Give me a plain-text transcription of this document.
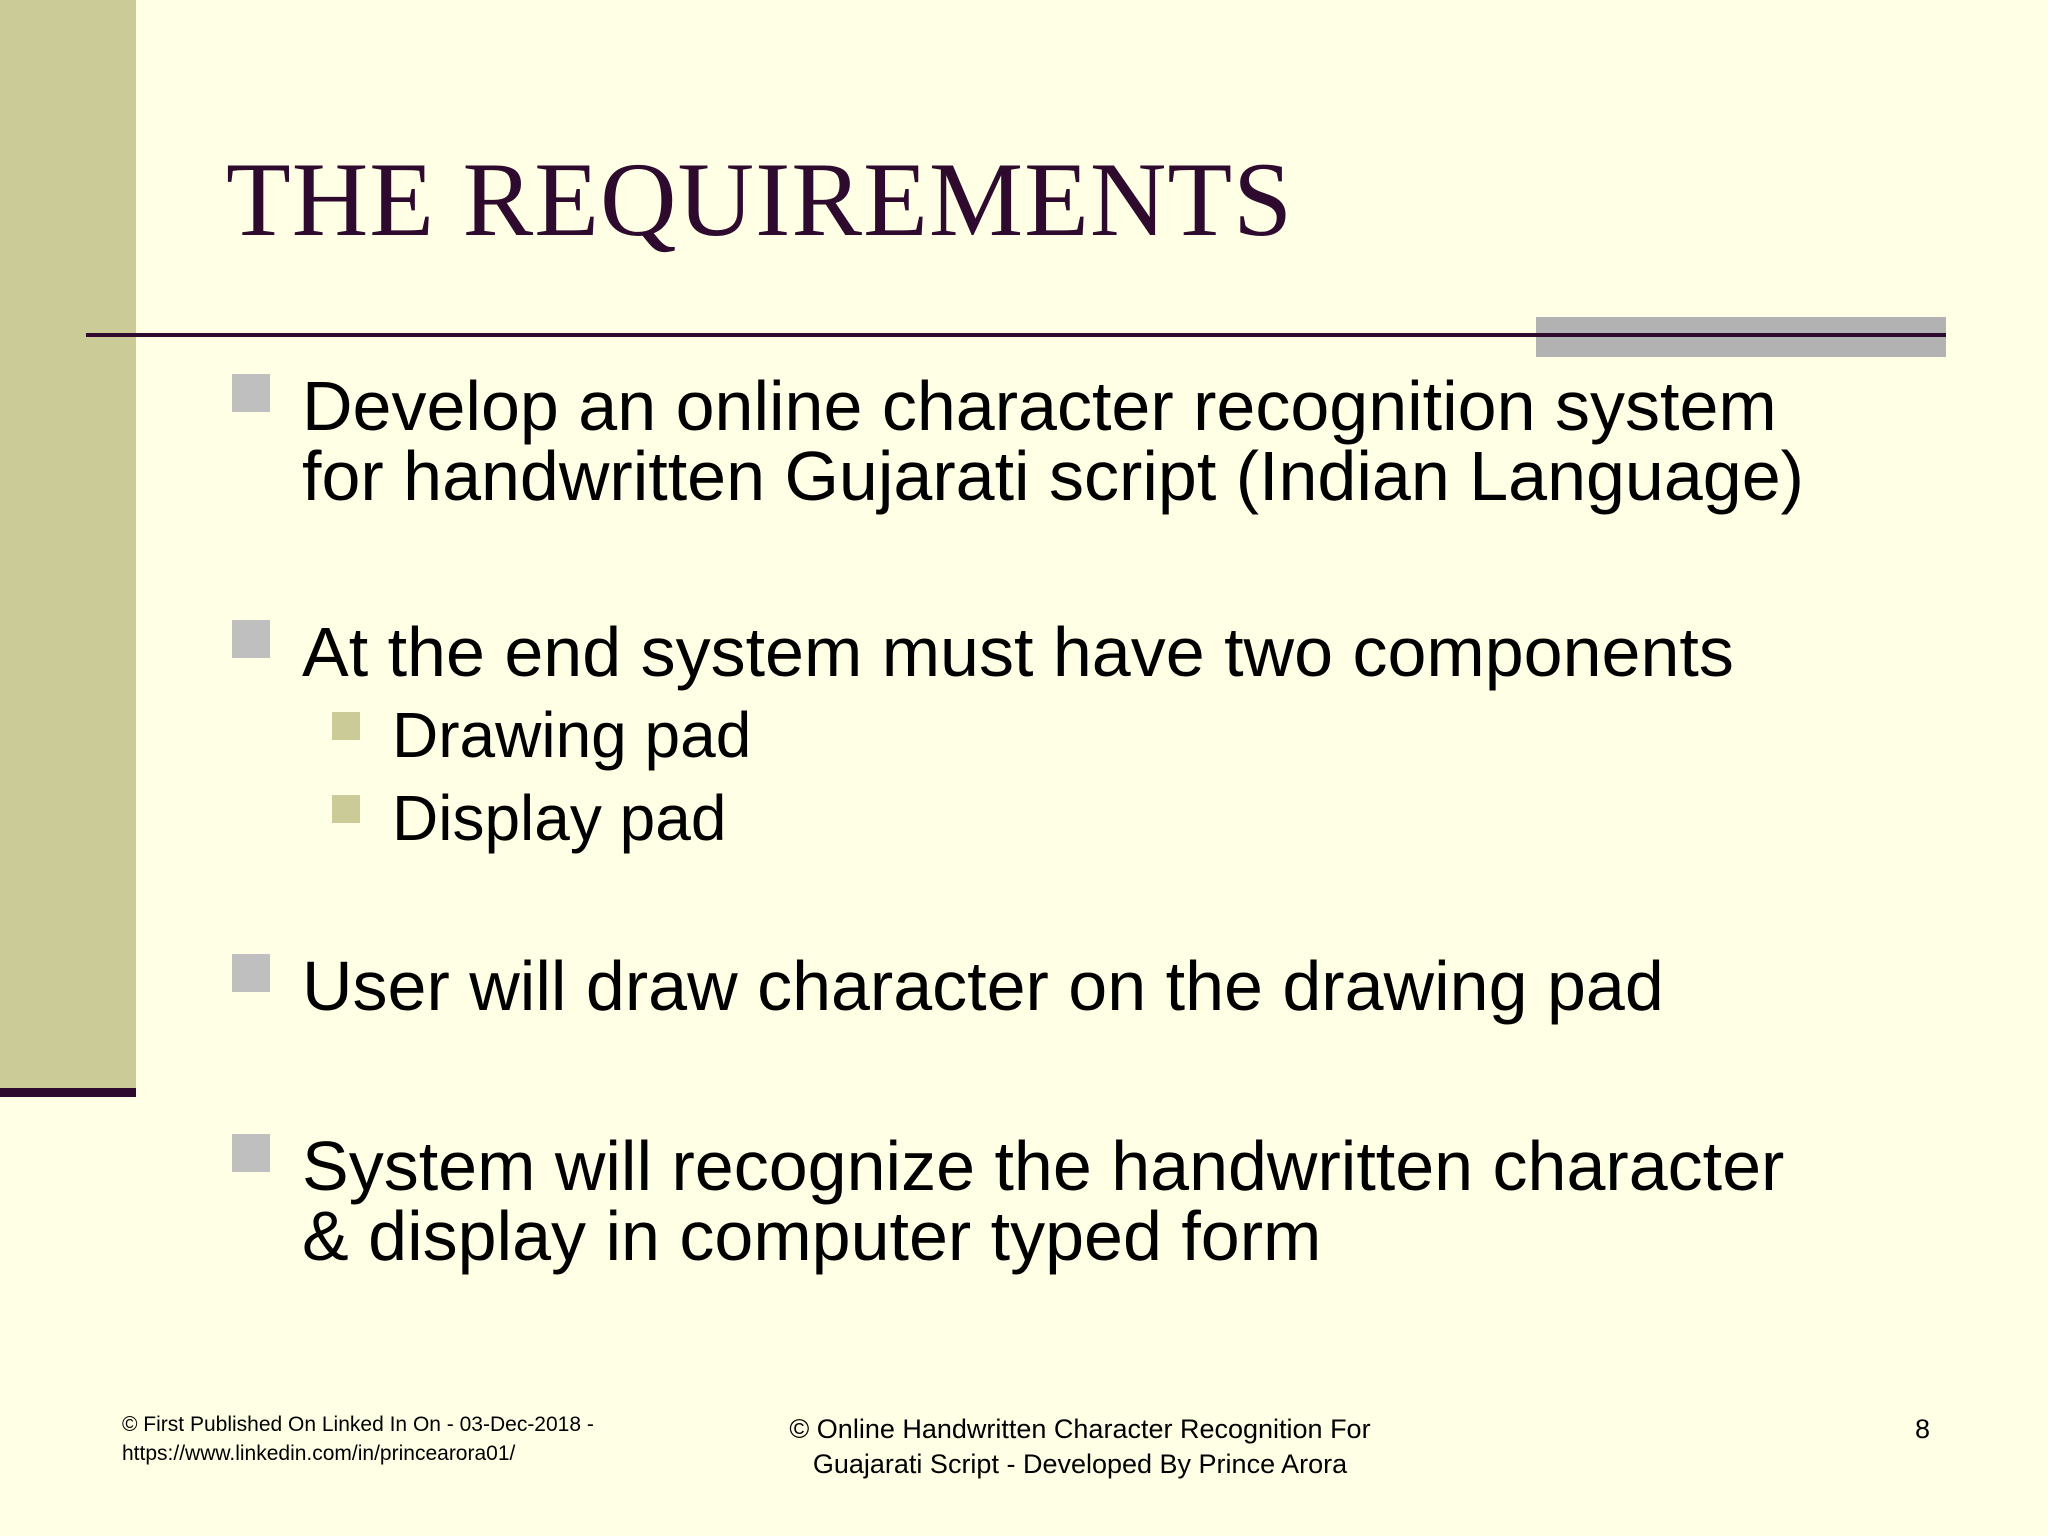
THE REQUIREMENTS
Develop an online character recognition system
for handwritten Gujarati script (Indian Language)
At the end system must have two components
Drawing pad
Display pad
User will draw character on the drawing pad
System will recognize the handwritten character
& display in computer typed form
© First Published On Linked In On - 03-Dec-2018 -
https://www.linkedin.com/in/princearora01/
© Online Handwritten Character Recognition For
Guajarati Script - Developed By Prince Arora
8
